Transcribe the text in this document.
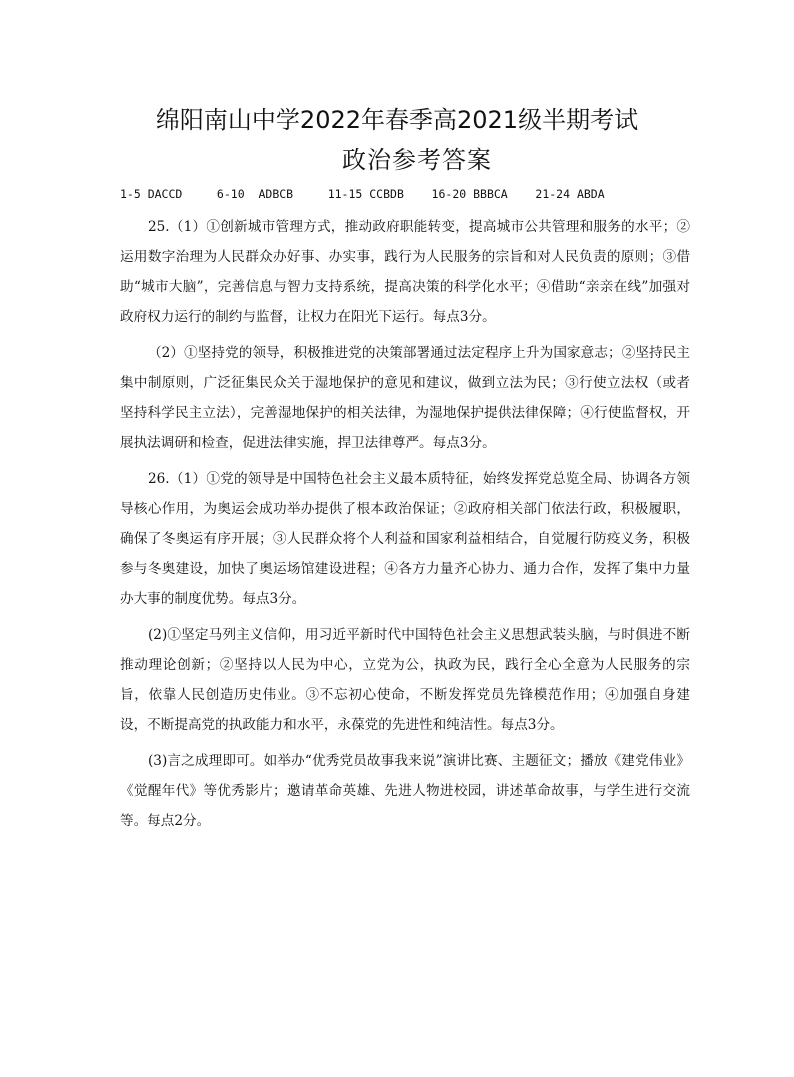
绵阳南山中学2022年春季高2021级半期考试
政治参考答案
1-5 DACCD     6-10  ADBCB     11-15 CCBDB    16-20 BBBCA    21-24 ABDA
25.（1）①创新城市管理方式，推动政府职能转变，提高城市公共管理和服务的水平；②运用数字治理为人民群众办好事、办实事，践行为人民服务的宗旨和对人民负责的原则；③借助“城市大脑”，完善信息与智力支持系统，提高决策的科学化水平；④借助“亲亲在线”加强对政府权力运行的制约与监督，让权力在阳光下运行。每点3分。
（2）①坚持党的领导，积极推进党的决策部署通过法定程序上升为国家意志；②坚持民主集中制原则，广泛征集民众关于湿地保护的意见和建议，做到立法为民；③行使立法权（或者坚持科学民主立法），完善湿地保护的相关法律，为湿地保护提供法律保障；④行使监督权，开展执法调研和检查，促进法律实施，捍卫法律尊严。每点3分。
26.（1）①党的领导是中国特色社会主义最本质特征，始终发挥党总览全局、协调各方领导核心作用，为奥运会成功举办提供了根本政治保证；②政府相关部门依法行政，积极履职，确保了冬奥运有序开展；③人民群众将个人利益和国家利益相结合，自觉履行防疫义务，积极参与冬奥建设，加快了奥运场馆建设进程；④各方力量齐心协力、通力合作，发挥了集中力量办大事的制度优势。每点3分。
(2)①坚定马列主义信仰，用习近平新时代中国特色社会主义思想武装头脑，与时俱进不断推动理论创新；②坚持以人民为中心，立党为公，执政为民，践行全心全意为人民服务的宗旨，依靠人民创造历史伟业。③不忘初心使命，不断发挥党员先锋模范作用；④加强自身建设，不断提高党的执政能力和水平，永葆党的先进性和纯洁性。每点3分。
(3)言之成理即可。如举办“优秀党员故事我来说”演讲比赛、主题征文；播放《建党伟业》《觉醒年代》等优秀影片；邀请革命英雄、先进人物进校园，讲述革命故事，与学生进行交流等。每点2分。
